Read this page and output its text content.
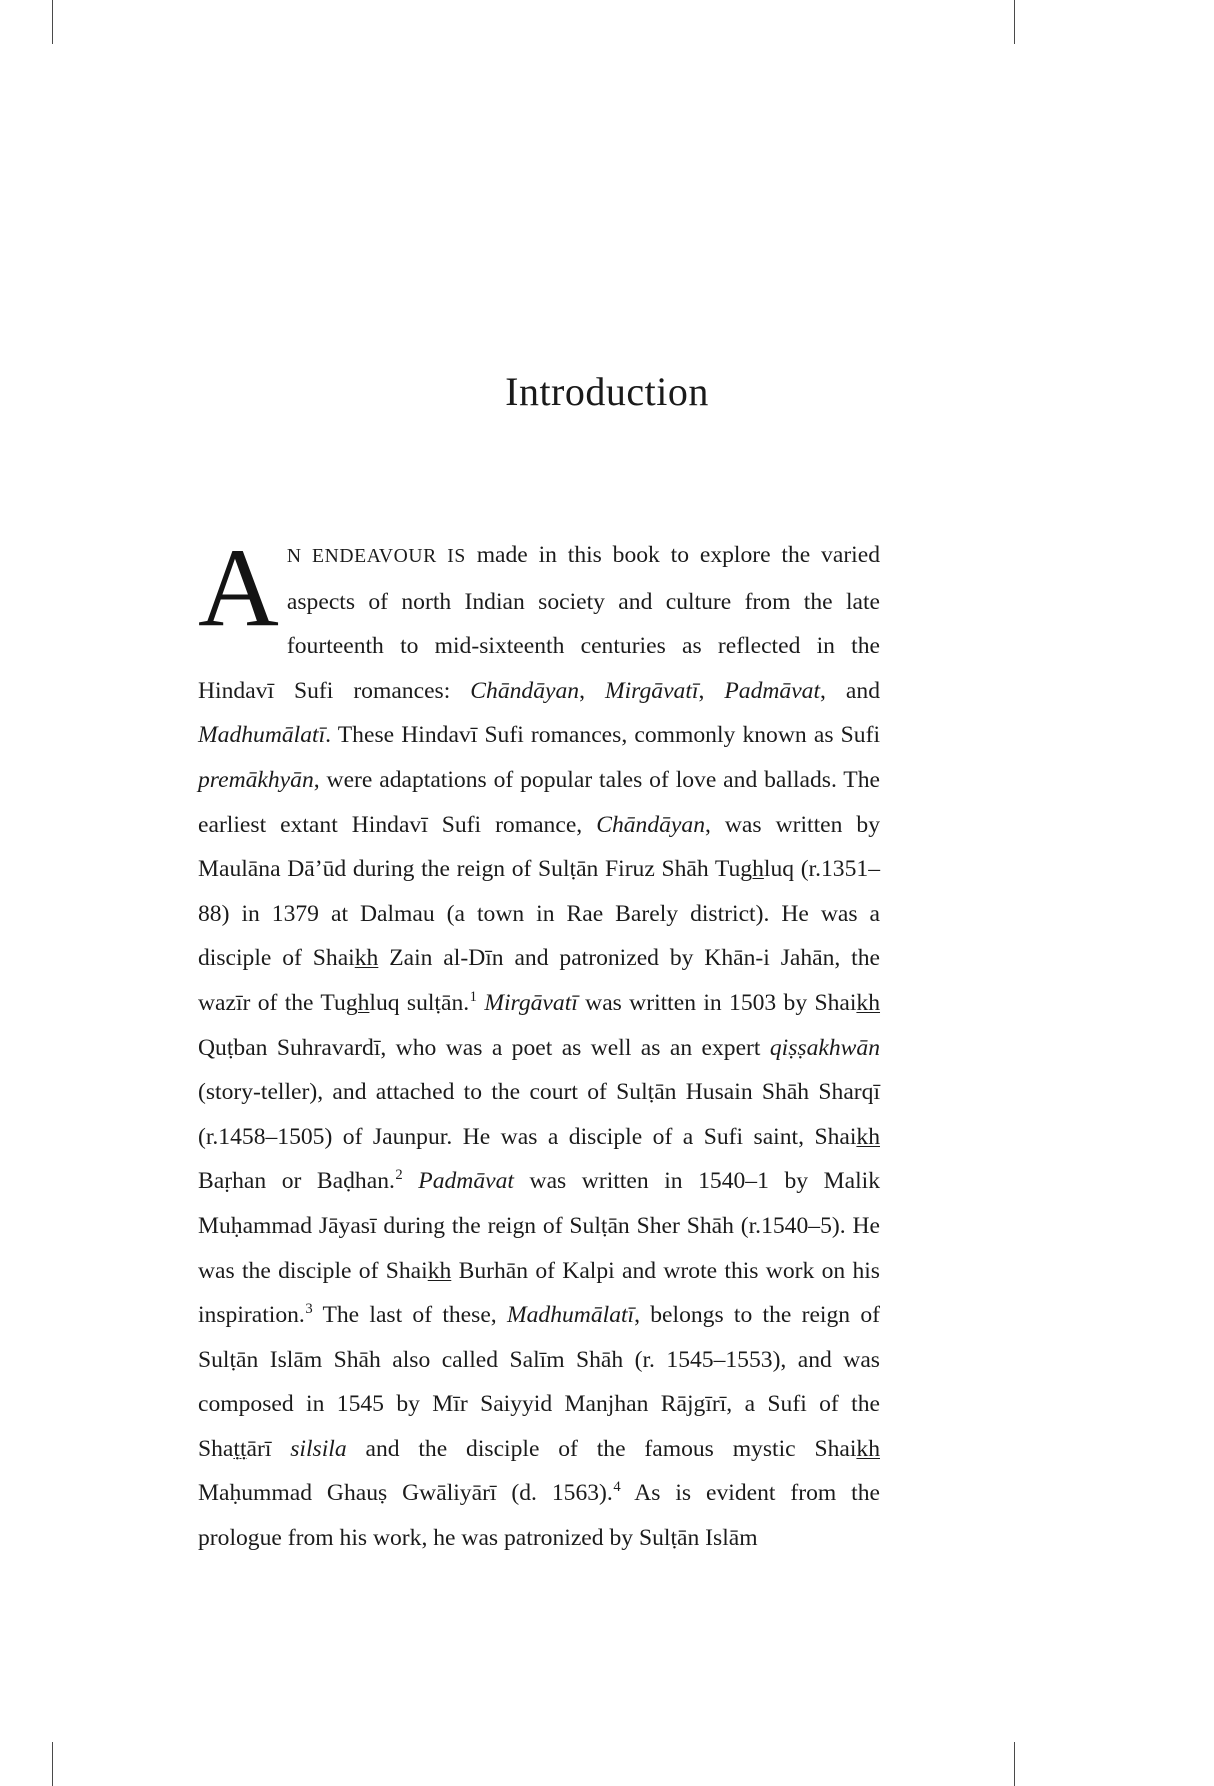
Introduction
A N ENDEAVOUR IS made in this book to explore the varied aspects of north Indian society and culture from the late fourteenth to mid-sixteenth centuries as reflected in the Hindavī Sufi romances: Chāndāyan, Mirgāvatī, Padmāvat, and Madhumālatī. These Hindavī Sufi romances, commonly known as Sufi premākhyān, were adaptations of popular tales of love and ballads. The earliest extant Hindavī Sufi romance, Chāndāyan, was written by Maulāna Dā’ūd during the reign of Sulṭān Firuz Shāh Tughluq (r.1351–88) in 1379 at Dalmau (a town in Rae Barely district). He was a disciple of Shaikh Zain al-Dīn and patronized by Khān-i Jahān, the wazīr of the Tughluq sulṭān.$^1$ Mirgāvatī was written in 1503 by Shaikh Quṭban Suhravardī, who was a poet as well as an expert qiṣṣakhwān (story-teller), and attached to the court of Sulṭān Husain Shāh Sharqī (r.1458–1505) of Jaunpur. He was a disciple of a Sufi saint, Shaikh Baṛhan or Baḍhan.$^2$ Padmāvat was written in 1540–1 by Malik Muḥammad Jāyasī during the reign of Sulṭān Sher Shāh (r.1540–5). He was the disciple of Shaikh Burhān of Kalpi and wrote this work on his inspiration.$^3$ The last of these, Madhumālatī, belongs to the reign of Sulṭān Islām Shāh also called Salīm Shāh (r. 1545–1553), and was composed in 1545 by Mīr Saiyyid Manjhan Rājgīrī, a Sufi of the Shaṭṭārī silsila and the disciple of the famous mystic Shaikh Maḥummad Ghauṣ Gwāliyārī (d. 1563).$^4$ As is evident from the prologue from his work, he was patronized by Sulṭān Islām
